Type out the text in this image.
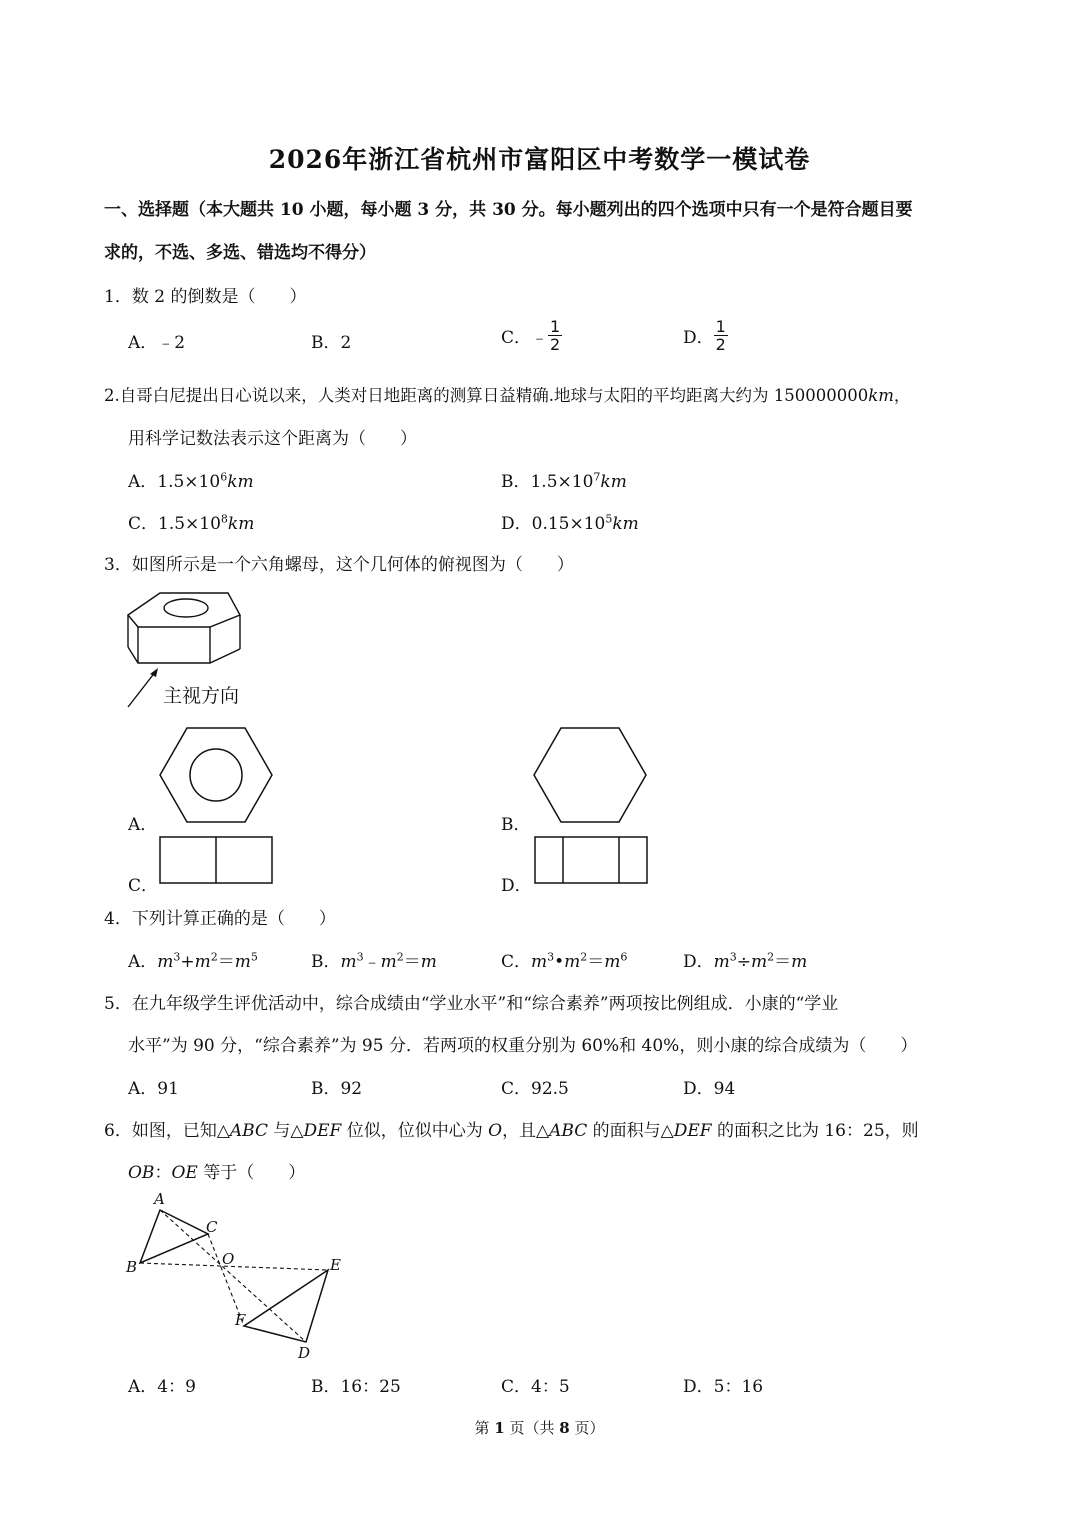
2026年浙江省杭州市富阳区中考数学一模试卷
一、选择题（本大题共 10 小题，每小题 3 分，共 30 分。每小题列出的四个选项中只有一个是符合题目要
求的，不选、多选、错选均不得分）
1．数 2 的倒数是（　　）
A．﹣2	B．2	C．﹣ $\frac{1}{2}$	D． $\frac{1}{2}$
2.自哥白尼提出日心说以来，人类对日地距离的测算日益精确.地球与太阳的平均距离大约为 150000000km，
用科学记数法表示这个距离为（　　）
A．$1.5\times 10^6km$	B．$1.5\times 10^7km$
C．$1.5\times 10^8km$	D．$0.15\times 10^5km$
3．如图所示是一个六角螺母，这个几何体的俯视图为（　　）
主视方向
A．	B．
C．	D．
4．下列计算正确的是（　　）
A．$m^3+m^2=m^5$	B．$m^3﹣m^2=m$	C．$m^3•m^2=m^6$	D．$m^3\div m^2=m$
5．在九年级学生评优活动中，综合成绩由“学业水平”和“综合素养”两项按比例组成．小康的“学业
水平”为 90 分，“综合素养”为 95 分．若两项的权重分别为 60%和 40%，则小康的综合成绩为（　　）
A．91	B．92	C．92.5	D．94
6．如图，已知△ABC 与△DEF 位似，位似中心为 O，且△ABC 的面积与△DEF 的面积之比为 16：25，则
OB：OE 等于（　　）
A
B
C
O	E
F
D
A．4：9	B．16：25	C．4：5	D．5：16
第 1 页（共 8 页）
